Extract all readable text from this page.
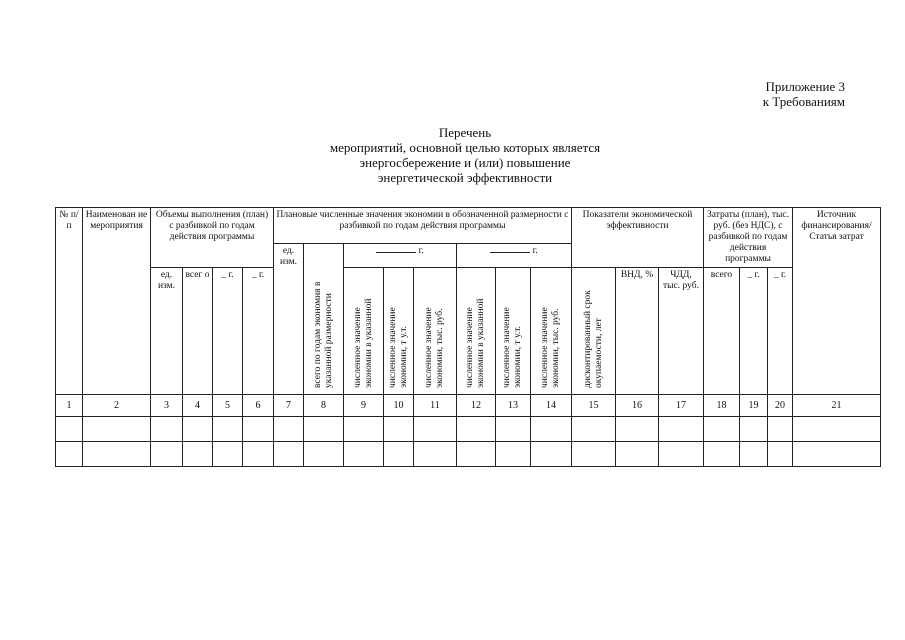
Приложение 3
к Требованиям
Перечень
мероприятий, основной целью которых является
энергосбережение и (или) повышение
энергетической эффективности
№ п/п	Наименован ие мероприятия	Объемы выполнения (план) с разбивкой по годам действия программы				Плановые численные значения экономии в обозначенной размерности с разбивкой по годам действия программы								Показатели экономической эффективности			Затраты (план), тыс. руб. (без НДС), с разбивкой по годам действия программы			Источник финансирования/ Статья затрат
						ед. изм.	всего по годам экономия в указанной размерности	г.			г.									
		ед. изм.	всег о	_ г.	_ г.			численное значение экономии в указанной	численное значение экономии, т у.т.	численное значение экономии, тыс. руб.	численное значение экономии в указанной	численное значение экономии, т у.т.	численное значение экономии, тыс. руб.	дисконтированный срок окупаемости, лет	ВНД, %	ЧДД, тыс. руб.	всего	_ г.	_ г.	
1	2	3	4	5	6	7	8	9	10	11	12	13	14	15	16	17	18	19	20	21
